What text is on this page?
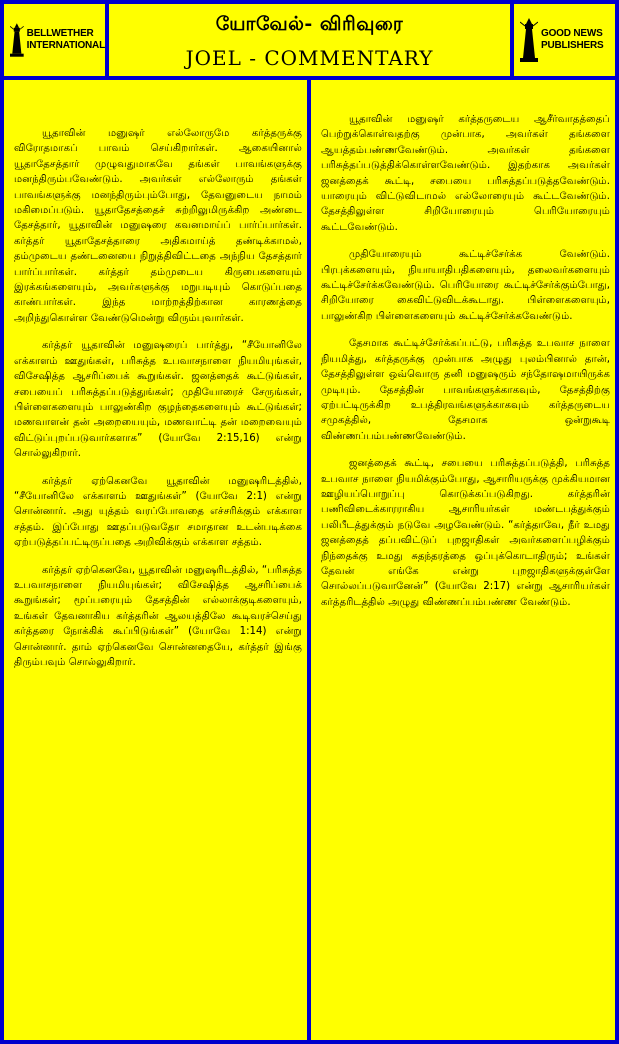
BELLWETHER
INTERNATIONAL
யோவேல்- விரிவுரை
JOEL - COMMENTARY
GOOD NEWS
PUBLISHERS

யூதாவின் மனுஷர் எல்லோருமே கர்த்தருக்கு விரோதமாகப் பாவம் செய்கிறார்கள். ஆகையினால் யூதாதேசத்தார் முழுவதுமாகவே தங்கள் பாவங்களுக்கு மனந்திரும்பவேண்டும். அவர்கள் எல்லோரும் தங்கள் பாவங்களுக்கு மனந்திரும்பும்போது, தேவனுடைய நாமம் மகிமைப்படும். யூதாதேசத்தைச் சுற்றிலுமிருக்கிற அண்டை தேசத்தார், யூதாவின் மனுஷரை கவனமாய்ப் பார்ப்பார்கள். கர்த்தர் யூதாதேசத்தாரை அதிகமாய்த் தண்டிக்காமல், தம்முடைய தண்டனையை நிறுத்திவிட்டதை அந்நிய தேசத்தார் பார்ப்பார்கள். கர்த்தர் தம்முடைய கிருபைகளையும் இரக்கங்களையும், அவர்களுக்கு மறுபடியும் கொடுப்பதை காண்பார்கள். இந்த மாற்றத்திற்கான காரணத்தை அறிந்துகொள்ள வேண்டுமென்று விரும்புவார்கள்.

கர்த்தர் யூதாவின் மனுஷரைப் பார்த்து, “சீயோனிலே எக்காளம் ஊதுங்கள், பரிசுத்த உபவாசநாளை நியமியுங்கள், விசேஷித்த ஆசரிப்பைக் கூறுங்கள். ஜனத்தைக் கூட்டுங்கள், சபையைப் பரிசுத்தப்படுத்துங்கள்; முதியோரைச் சேருங்கள், பிள்ளைகளையும் பாலுண்கிற குழந்தைகளையும் கூட்டுங்கள்; மணவாளன் தன் அறையையும், மணவாட்டி தன் மறைவையும் விட்டுப்புறப்படுவார்களாக” (யோவே 2:15,16) என்று சொல்லுகிறார்.

கர்த்தர் ஏற்கெனவே யூதாவின் மனுஷரிடத்தில், “சீயோனிலே எக்காளம் ஊதுங்கள்” (யோவே 2:1) என்று சொன்னார். அது யுத்தம் வரப்போவதை எச்சரிக்கும் எக்காள சத்தம். இப்போது ஊதப்படுவதோ சமாதான உடன்படிக்கை ஏற்படுத்தப்பட்டிருப்பதை அறிவிக்கும் எக்காள சத்தம்.

கர்த்தர் ஏற்கெனவே, யூதாவின் மனுஷரிடத்தில், “பரிசுத்த உபவாசநாளை நியமியுங்கள்; விசேஷித்த ஆசரிப்பைக் கூறுங்கள்; மூப்பரையும் தேசத்தின் எல்லாக்குடிகளையும், உங்கள் தேவனாகிய கர்த்தரின் ஆலயத்திலே கூடிவரச்செய்து கர்த்தரை நோக்கிக் கூப்பிடுங்கள்” (யோவே 1:14) என்று சொன்னார். தாம் ஏற்கெனவே சொன்னதையே, கர்த்தர் இங்கு திரும்பவும் சொல்லுகிறார்.

யூதாவின் மனுஷர் கர்த்தருடைய ஆசீர்வாதத்தைப் பெற்றுக்கொள்வதற்கு முன்பாக, அவர்கள் தங்களை ஆயத்தம்பண்ணவேண்டும். அவர்கள் தங்களை பரிசுத்தப்படுத்திக்கொள்ளவேண்டும். இதற்காக அவர்கள் ஜனத்தைக் கூட்டி, சபையை பரிசுத்தப்படுத்தவேண்டும். யாரையும் விட்டுவிடாமல் எல்லோரையும் கூட்டவேண்டும். தேசத்திலுள்ள சிறியோரையும் பெரியோரையும் கூட்டவேண்டும்.

முதியோரையும் கூட்டிச்சேர்க்க வேண்டும். பிரபுக்களையும், நியாயாதிபதிகளையும், தலைவர்களையும் கூட்டிச்சேர்க்கவேண்டும். பெரியோரை கூட்டிச்சேர்க்கும்போது, சிறியோரை கைவிட்டுவிடக்கூடாது. பிள்ளைகளையும், பாலுண்கிற பிள்ளைகளையும் கூட்டிச்சேர்க்கவேண்டும்.

தேசமாக கூட்டிச்சேர்க்கப்பட்டு, பரிசுத்த உபவாச நாளை நியமித்து, கர்த்தருக்கு முன்பாக அழுது புலம்பினால் தான், தேசத்திலுள்ள ஒவ்வொரு தனி மனுஷரும் சந்தோஷமாயிருக்க முடியும். தேசத்தின் பாவங்களுக்காகவும், தேசத்திற்கு ஏற்பட்டிருக்கிற உபத்திரவங்களுக்காகவும் கர்த்தருடைய சமுகத்தில், தேசமாக ஒன்றுகூடி விண்ணப்பம்பண்ணவேண்டும்.

ஜனத்தைக் கூட்டி, சபையை பரிசுத்தப்படுத்தி, பரிசுத்த உபவாச நாளை நியமிக்கும்போது, ஆசாரியருக்கு முக்கியமான ஊழியப்பொறுப்பு கொடுக்கப்படுகிறது. கர்த்தரின் பணிவிடைக்காரராகிய ஆசாரியர்கள் மண்டபத்துக்கும் பலிபீடத்துக்கும் நடுவே அழவேண்டும். “கர்த்தாவே, நீர் உமது ஜனத்தைத் தப்பவிட்டுப் புறஜாதிகள் அவர்களைப்பழிக்கும் நிந்தைக்கு உமது சுதந்தரத்தை ஒப்புக்கொடாதிரும்; உங்கள் தேவன் எங்கே என்று புறஜாதிகளுக்குள்ளே சொல்லப்படுவானேன்” (யோவே 2:17) என்று ஆசாரியர்கள் கர்த்தரிடத்தில் அழுது விண்ணப்பம்பண்ண வேண்டும்.
